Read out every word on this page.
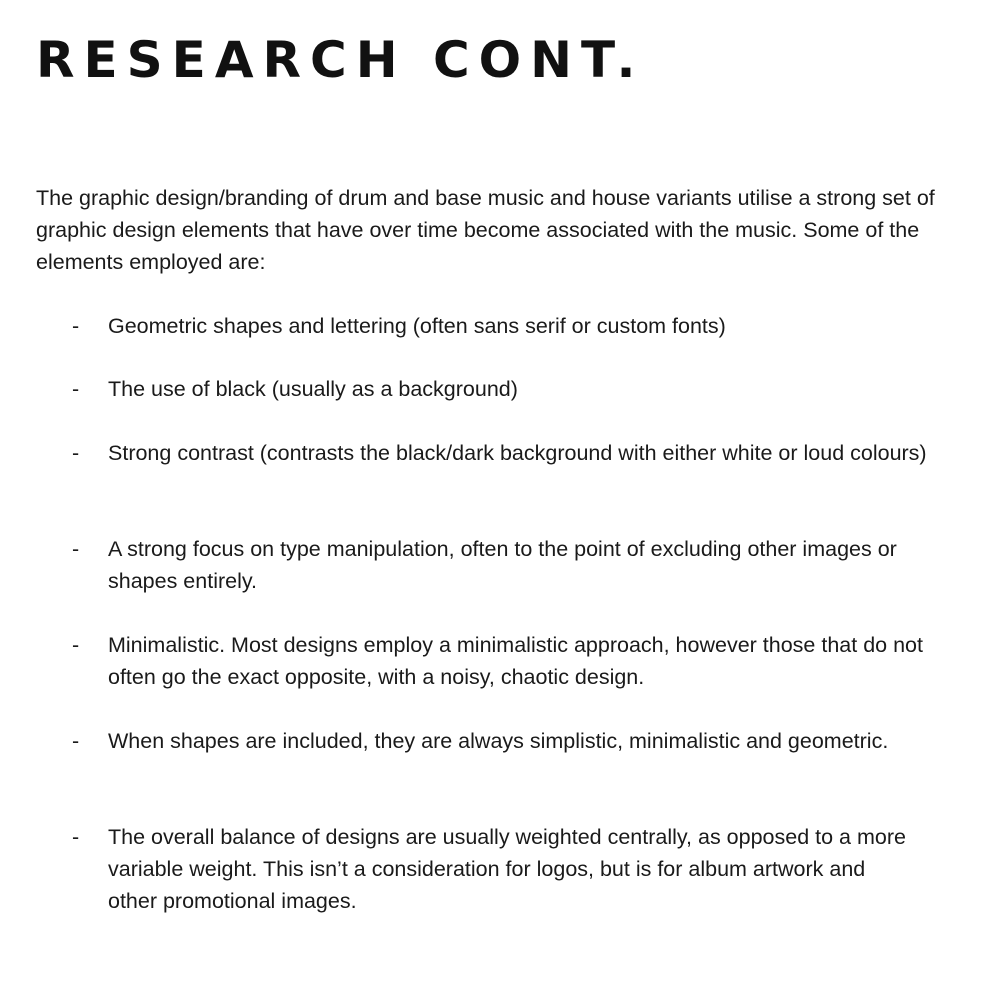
RESEARCH CONT.

The graphic design/branding of drum and base music and house variants utilise a strong set of graphic design elements that have over time become associated with the music. Some of the elements employed are:

- Geometric shapes and lettering (often sans serif or custom fonts)
- The use of black (usually as a background)
- Strong contrast (contrasts the black/dark background with either white or loud colours)
- A strong focus on type manipulation, often to the point of excluding other images or shapes entirely.
- Minimalistic. Most designs employ a minimalistic approach, however those that do not often go the exact opposite, with a noisy, chaotic design.
- When shapes are included, they are always simplistic, minimalistic and geometric.
- The overall balance of designs are usually weighted centrally, as opposed to a more variable weight. This isn’t a consideration for logos, but is for album artwork and other promotional images.
